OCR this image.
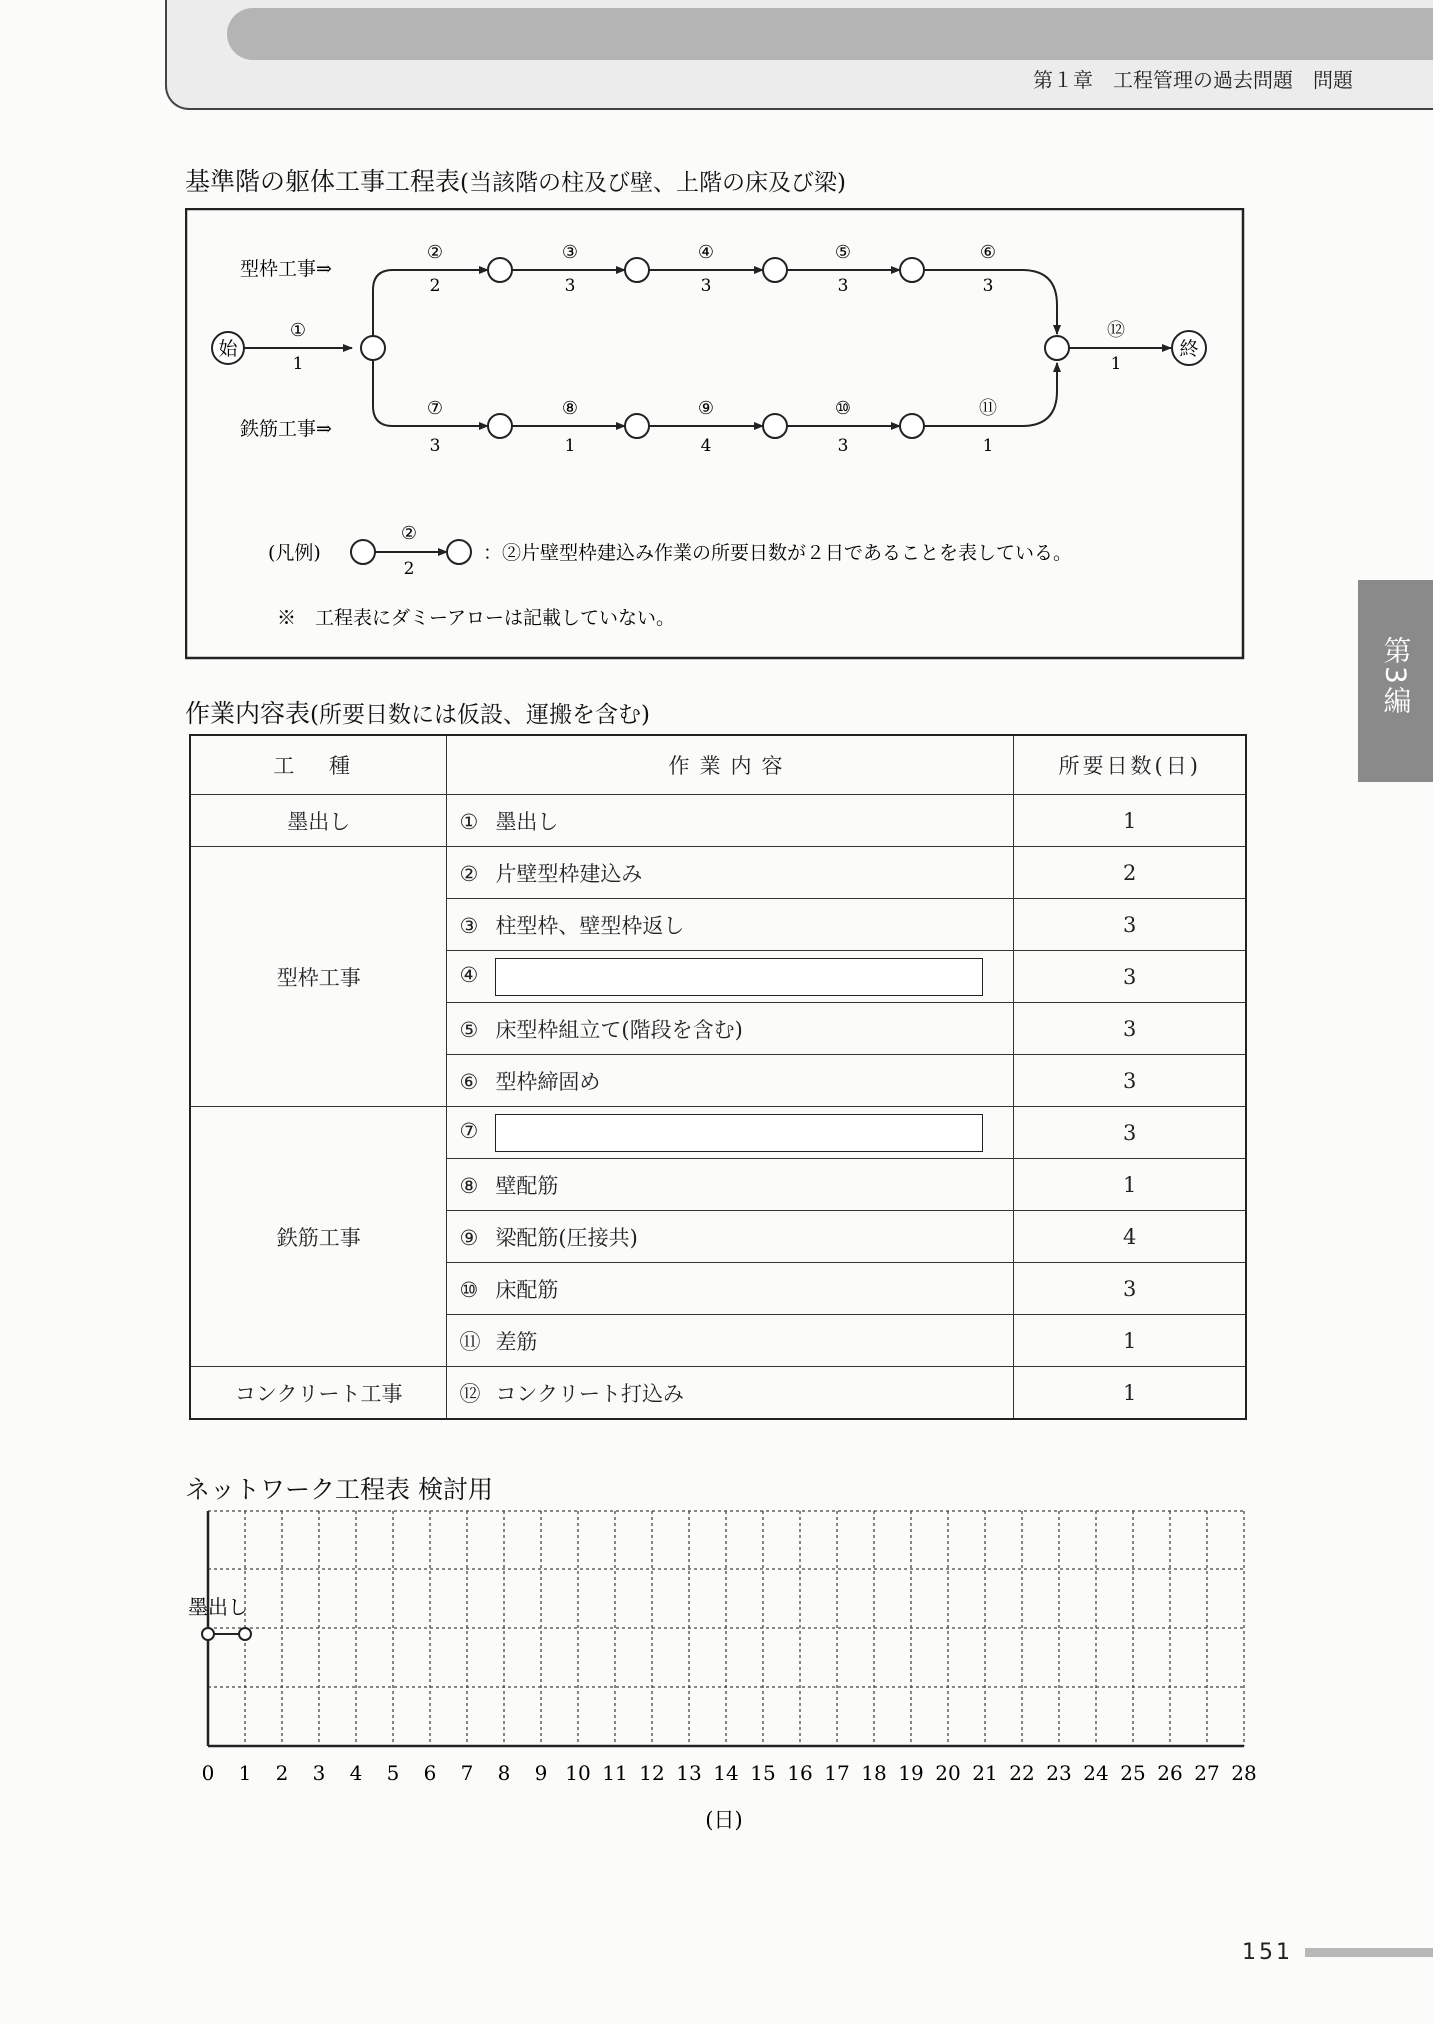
第１章　工程管理の過去問題　問題
第3編
基準階の躯体工事工程表(当該階の柱及び壁、上階の床及び梁)
型枠工事⇒
鉄筋工事⇒
始
①
1
②
2
③
3
④
3
⑤
3
⑥
3
⑦
3
⑧
1
⑨
4
⑩
3
⑪
1
⑫
1
終
(凡例)
②
2
：②片壁型枠建込み作業の所要日数が２日であることを表している。
※　工程表にダミーアローは記載していない。
作業内容表(所要日数には仮設、運搬を含む)
工 種	作業内容	所要日数(日)
墨出し	① 墨出し	1
型枠工事	② 片壁型枠建込み	2
	③ 柱型枠、壁型枠返し	3
	④	3
	⑤ 床型枠組立て(階段を含む)	3
	⑥ 型枠締固め	3
鉄筋工事	⑦	3
	⑧ 壁配筋	1
	⑨ 梁配筋(圧接共)	4
	⑩ 床配筋	3
	⑪ 差筋	1
コンクリート工事	⑫ コンクリート打込み	1
ネットワーク工程表 検討用
0 1 2 3 4 5 6 7 8 9 10 11 12 13 14 15 16 17 18 19 20 21 22 23 24 25 26 27 28
墨出し
(日)
151
